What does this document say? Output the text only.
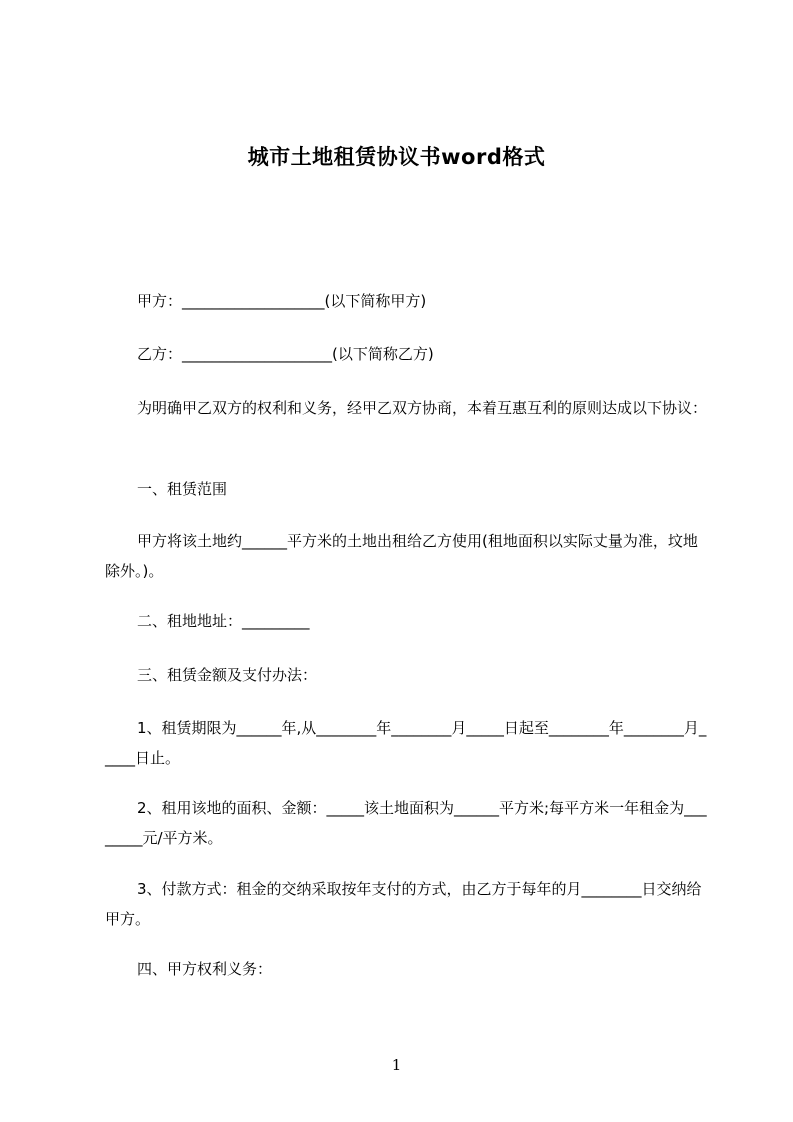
城市土地租赁协议书word格式
甲方：___________________(以下简称甲方)
乙方：____________________(以下简称乙方)
为明确甲乙双方的权利和义务，经甲乙双方协商，本着互惠互利的原则达成以下协议：
一、租赁范围
甲方将该土地约______平方米的土地出租给乙方使用(租地面积以实际丈量为准，坟地除外。)。
二、租地地址：_________
三、租赁金额及支付办法：
1、租赁期限为______年,从________年________月_____日起至________年________月_____日止。
2、租用该地的面积、金额：_____该土地面积为______平方米;每平方米一年租金为________元/平方米。
3、付款方式：租金的交纳采取按年支付的方式，由乙方于每年的月________日交纳给甲方。
四、甲方权利义务：
1
